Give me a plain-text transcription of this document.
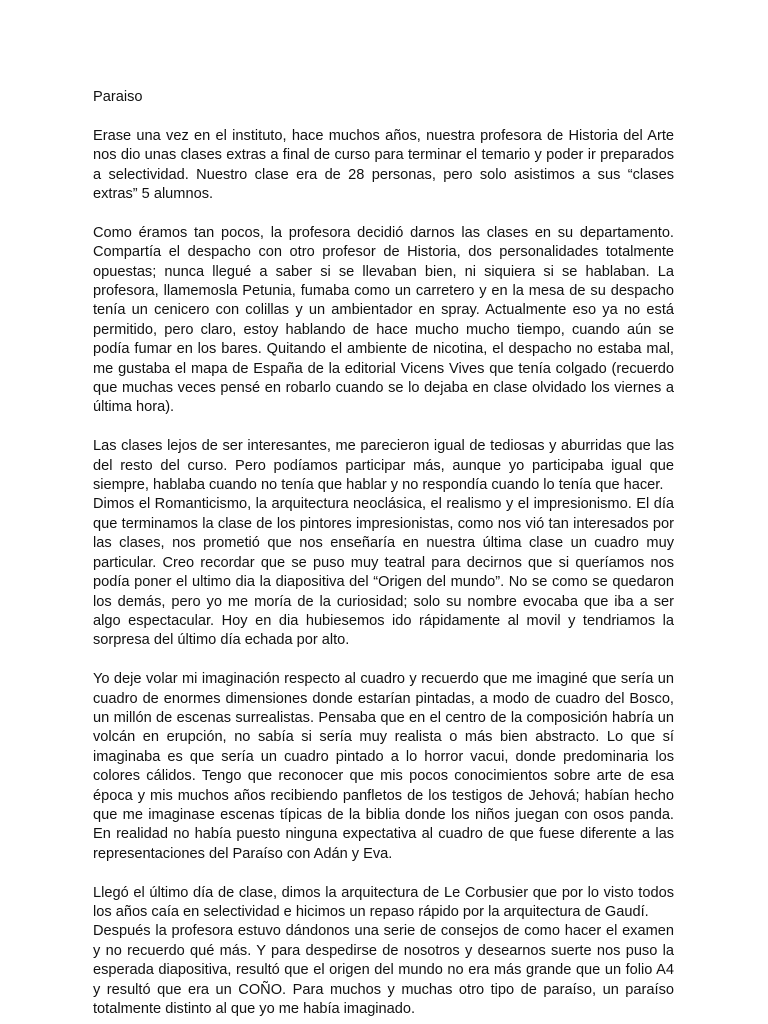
Paraiso

Erase una vez en el instituto, hace muchos años, nuestra profesora de Historia del Arte nos dio unas clases extras a final de curso para terminar el temario y poder ir preparados a selectividad. Nuestro clase era de 28 personas, pero solo asistimos a sus “clases extras” 5 alumnos.

Como éramos tan pocos, la profesora decidió darnos las clases en su departamento. Compartía el despacho con otro profesor de Historia, dos personalidades totalmente opuestas; nunca llegué a saber si se llevaban bien, ni siquiera si se hablaban. La profesora, llamemosla Petunia, fumaba como un carretero y en la mesa de su despacho tenía un cenicero con colillas y un ambientador en spray. Actualmente eso ya no está permitido, pero claro, estoy hablando de hace mucho mucho tiempo, cuando aún se podía fumar en los bares. Quitando el ambiente de nicotina, el despacho no estaba mal, me gustaba el mapa de España de la editorial Vicens Vives que tenía colgado (recuerdo que muchas veces pensé en robarlo cuando se lo dejaba en clase olvidado los viernes a última hora).

Las clases lejos de ser interesantes, me parecieron igual de tediosas y aburridas que las del resto del curso. Pero podíamos participar más, aunque yo participaba igual que siempre, hablaba cuando no tenía que hablar y no respondía cuando lo tenía que hacer.

Dimos el Romanticismo, la arquitectura neoclásica, el realismo y el impresionismo. El día que terminamos la clase de los pintores impresionistas, como nos vió tan interesados por las clases, nos prometió que nos enseñaría en nuestra última clase un cuadro muy particular. Creo recordar que se puso muy teatral para decirnos que si queríamos nos podía poner el ultimo dia la diapositiva del “Origen del mundo”. No se como se quedaron los demás, pero yo me moría de la curiosidad; solo su nombre evocaba que iba a ser algo espectacular. Hoy en dia hubiesemos ido rápidamente al movil y tendriamos la sorpresa del último día echada por alto.

Yo deje volar mi imaginación respecto al cuadro y recuerdo que me imaginé que sería un cuadro de enormes dimensiones donde estarían pintadas, a modo de cuadro del Bosco, un millón de escenas surrealistas. Pensaba que en el centro de la composición habría un volcán en erupción, no sabía si sería muy realista o más bien abstracto. Lo que sí imaginaba es que sería un cuadro pintado a lo horror vacui, donde predominaria los colores cálidos. Tengo que reconocer que mis pocos conocimientos sobre arte de esa época y mis muchos años recibiendo panfletos de los testigos de Jehová; habían hecho que me imaginase escenas típicas de la biblia donde los niños juegan con osos panda. En realidad no había puesto ninguna expectativa al cuadro de que fuese diferente a las representaciones del Paraíso con Adán y Eva.

Llegó el último día de clase, dimos la arquitectura de Le Corbusier que por lo visto todos los años caía en selectividad e hicimos un repaso rápido por la arquitectura de Gaudí.

Después la profesora estuvo dándonos una serie de consejos de como hacer el examen y no recuerdo qué más. Y para despedirse de nosotros y desearnos suerte nos puso la esperada diapositiva, resultó que el origen del mundo no era más grande que un folio A4 y resultó que era un COÑO. Para muchos y muchas otro tipo de paraíso, un paraíso totalmente distinto al que yo me había imaginado.
